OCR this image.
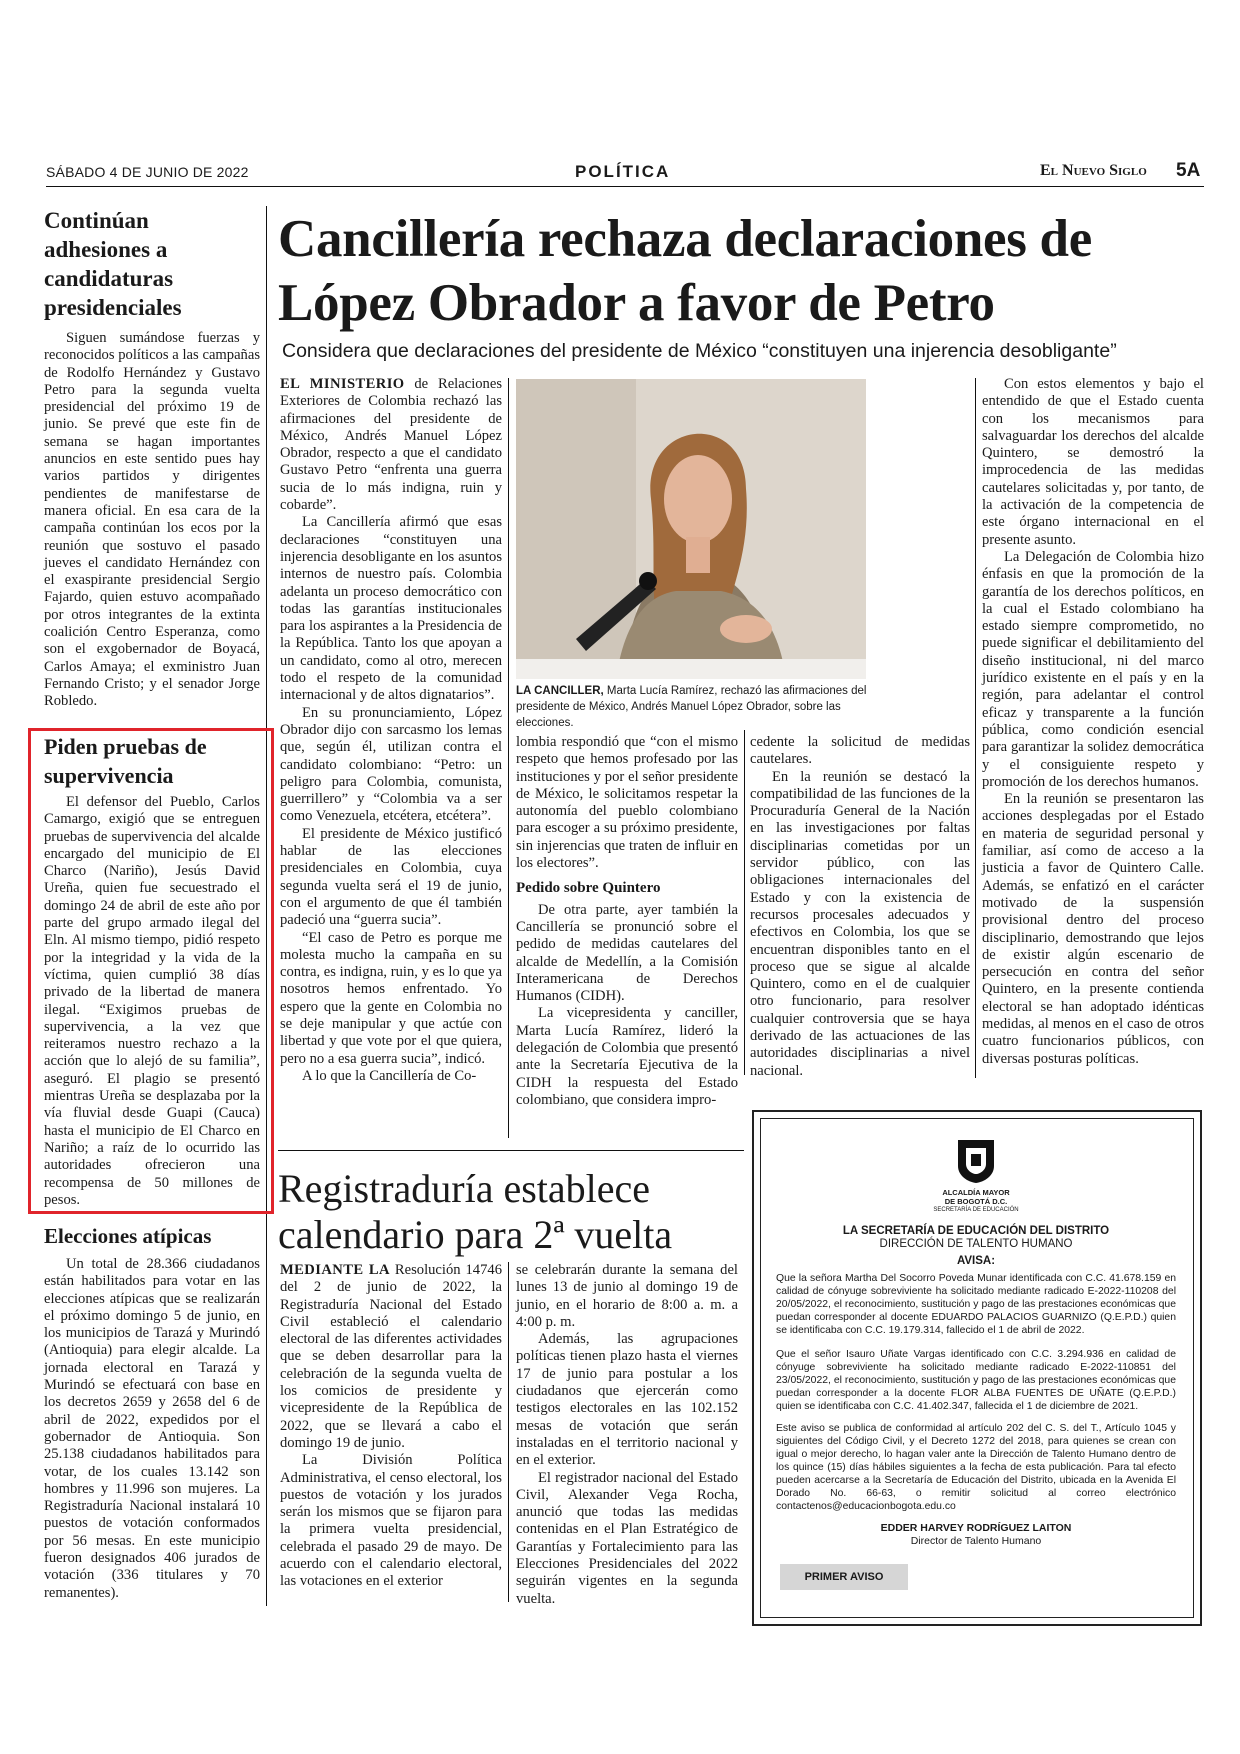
SÁBADO 4 DE JUNIO DE 2022	POLÍTICA	El Nuevo Siglo 5A
Continúan adhesiones a candidaturas presidenciales

Siguen sumándose fuerzas y reconocidos políticos a las campañas de Rodolfo Hernández y Gustavo Petro para la segunda vuelta presidencial del próximo 19 de junio. Se prevé que este fin de semana se hagan importantes anuncios en este sentido pues hay varios partidos y dirigentes pendientes de manifestarse de manera oficial. En esa cara de la campaña continúan los ecos por la reunión que sostuvo el pasado jueves el candidato Hernández con el exaspirante presidencial Sergio Fajardo, quien estuvo acompañado por otros integrantes de la extinta coalición Centro Esperanza, como son el exgobernador de Boyacá, Carlos Amaya; el exministro Juan Fernando Cristo; y el senador Jorge Robledo.

Piden pruebas de supervivencia

El defensor del Pueblo, Carlos Camargo, exigió que se entreguen pruebas de supervivencia del alcalde encargado del municipio de El Charco (Nariño), Jesús David Ureña, quien fue secuestrado el domingo 24 de abril de este año por parte del grupo armado ilegal del Eln. Al mismo tiempo, pidió respeto por la integridad y la vida de la víctima, quien cumplió 38 días privado de la libertad de manera ilegal. “Exigimos pruebas de supervivencia, a la vez que reiteramos nuestro rechazo a la acción que lo alejó de su familia”, aseguró. El plagio se presentó mientras Ureña se desplazaba por la vía fluvial desde Guapi (Cauca) hasta el municipio de El Charco en Nariño; a raíz de lo ocurrido las autoridades ofrecieron una recompensa de 50 millones de pesos.

Elecciones atípicas

Un total de 28.366 ciudadanos están habilitados para votar en las elecciones atípicas que se realizarán el próximo domingo 5 de junio, en los municipios de Tarazá y Murindó (Antioquia) para elegir alcalde. La jornada electoral en Tarazá y Murindó se efectuará con base en los decretos 2659 y 2658 del 6 de abril de 2022, expedidos por el gobernador de Antioquia. Son 25.138 ciudadanos habilitados para votar, de los cuales 13.142 son hombres y 11.996 son mujeres. La Registraduría Nacional instalará 10 puestos de votación conformados por 56 mesas. En este municipio fueron designados 406 jurados de votación (336 titulares y 70 remanentes).

Cancillería rechaza declaraciones de López Obrador a favor de Petro
Considera que declaraciones del presidente de México “constituyen una injerencia desobligante”

EL MINISTERIO de Relaciones Exteriores de Colombia rechazó las afirmaciones del presidente de México, Andrés Manuel López Obrador, respecto a que el candidato Gustavo Petro “enfrenta una guerra sucia de lo más indigna, ruin y cobarde”.

La Cancillería afirmó que esas declaraciones “constituyen una injerencia desobligante en los asuntos internos de nuestro país. Colombia adelanta un proceso democrático con todas las garantías institucionales para los aspirantes a la Presidencia de la República. Tanto los que apoyan a un candidato, como al otro, merecen todo el respeto de la comunidad internacional y de altos dignatarios”.

En su pronunciamiento, López Obrador dijo con sarcasmo los lemas que, según él, utilizan contra el candidato colombiano: “Petro: un peligro para Colombia, comunista, guerrillero” y “Colombia va a ser como Venezuela, etcétera, etcétera”.

El presidente de México justificó hablar de las elecciones presidenciales en Colombia, cuya segunda vuelta será el 19 de junio, con el argumento de que él también padeció una “guerra sucia”.

“El caso de Petro es porque me molesta mucho la campaña en su contra, es indigna, ruin, y es lo que ya nosotros hemos enfrentado. Yo espero que la gente en Colombia no se deje manipular y que actúe con libertad y que vote por el que quiera, pero no a esa guerra sucia”, indicó.

A lo que la Cancillería de Co-

LA CANCILLER, Marta Lucía Ramírez, rechazó las afirmaciones del presidente de México, Andrés Manuel López Obrador, sobre las elecciones.

lombia respondió que “con el mismo respeto que hemos profesado por las instituciones y por el señor presidente de México, le solicitamos respetar la autonomía del pueblo colombiano para escoger a su próximo presidente, sin injerencias que traten de influir en los electores”.

Pedido sobre Quintero

De otra parte, ayer también la Cancillería se pronunció sobre el pedido de medidas cautelares del alcalde de Medellín, a la Comisión Interamericana de Derechos Humanos (CIDH).

La vicepresidenta y canciller, Marta Lucía Ramírez, lideró la delegación de Colombia que presentó ante la Secretaría Ejecutiva de la CIDH la respuesta del Estado colombiano, que considera impro-

cedente la solicitud de medidas cautelares.

En la reunión se destacó la compatibilidad de las funciones de la Procuraduría General de la Nación en las investigaciones por faltas disciplinarias cometidas por un servidor público, con las obligaciones internacionales del Estado y con la existencia de recursos procesales adecuados y efectivos en Colombia, los que se encuentran disponibles tanto en el proceso que se sigue al alcalde Quintero, como en el de cualquier otro funcionario, para resolver cualquier controversia que se haya derivado de las actuaciones de las autoridades disciplinarias a nivel nacional.

Con estos elementos y bajo el entendido de que el Estado cuenta con los mecanismos para salvaguardar los derechos del alcalde Quintero, se demostró la improcedencia de las medidas cautelares solicitadas y, por tanto, de la activación de la competencia de este órgano internacional en el presente asunto.

La Delegación de Colombia hizo énfasis en que la promoción de la garantía de los derechos políticos, en la cual el Estado colombiano ha estado siempre comprometido, no puede significar el debilitamiento del diseño institucional, ni del marco jurídico existente en el país y en la región, para adelantar el control eficaz y transparente a la función pública, como condición esencial para garantizar la solidez democrática y el consiguiente respeto y promoción de los derechos humanos.

En la reunión se presentaron las acciones desplegadas por el Estado en materia de seguridad personal y familiar, así como de acceso a la justicia a favor de Quintero Calle. Además, se enfatizó en el carácter motivado de la suspensión provisional dentro del proceso disciplinario, demostrando que lejos de existir algún escenario de persecución en contra del señor Quintero, en la presente contienda electoral se han adoptado idénticas medidas, al menos en el caso de otros cuatro funcionarios públicos, con diversas posturas políticas.

Registraduría establece calendario para 2ª vuelta

MEDIANTE LA Resolución 14746 del 2 de junio de 2022, la Registraduría Nacional del Estado Civil estableció el calendario electoral de las diferentes actividades que se deben desarrollar para la celebración de la segunda vuelta de los comicios de presidente y vicepresidente de la República de 2022, que se llevará a cabo el domingo 19 de junio.

La División Política Administrativa, el censo electoral, los puestos de votación y los jurados serán los mismos que se fijaron para la primera vuelta presidencial, celebrada el pasado 29 de mayo. De acuerdo con el calendario electoral, las votaciones en el exterior

se celebrarán durante la semana del lunes 13 de junio al domingo 19 de junio, en el horario de 8:00 a. m. a 4:00 p. m.

Además, las agrupaciones políticas tienen plazo hasta el viernes 17 de junio para postular a los ciudadanos que ejercerán como testigos electorales en las 102.152 mesas de votación que serán instaladas en el territorio nacional y en el exterior.

El registrador nacional del Estado Civil, Alexander Vega Rocha, anunció que todas las medidas contenidas en el Plan Estratégico de Garantías y Fortalecimiento para las Elecciones Presidenciales del 2022 seguirán vigentes en la segunda vuelta.

ALCALDÍA MAYOR
DE BOGOTÁ D.C.
SECRETARÍA DE EDUCACIÓN
LA SECRETARÍA DE EDUCACIÓN DEL DISTRITO
DIRECCIÓN DE TALENTO HUMANO
AVISA:
Que la señora Martha Del Socorro Poveda Munar identificada con C.C. 41.678.159 en calidad de cónyuge sobreviviente ha solicitado mediante radicado E-2022-110208 del 20/05/2022, el reconocimiento, sustitución y pago de las prestaciones económicas que puedan corresponder al docente EDUARDO PALACIOS GUARNIZO (Q.E.P.D.) quien se identificaba con C.C. 19.179.314, fallecido el 1 de abril de 2022.
Que el señor Isauro Uñate Vargas identificado con C.C. 3.294.936 en calidad de cónyuge sobreviviente ha solicitado mediante radicado E-2022-110851 del 23/05/2022, el reconocimiento, sustitución y pago de las prestaciones económicas que puedan corresponder a la docente FLOR ALBA FUENTES DE UÑATE (Q.E.P.D.) quien se identificaba con C.C. 41.402.347, fallecida el 1 de diciembre de 2021.
Este aviso se publica de conformidad al artículo 202 del C. S. del T., Artículo 1045 y siguientes del Código Civil, y el Decreto 1272 del 2018, para quienes se crean con igual o mejor derecho, lo hagan valer ante la Dirección de Talento Humano dentro de los quince (15) días hábiles siguientes a la fecha de esta publicación. Para tal efecto pueden acercarse a la Secretaría de Educación del Distrito, ubicada en la Avenida El Dorado No. 66-63, o remitir solicitud al correo electrónico contactenos@educacionbogota.edu.co
EDDER HARVEY RODRÍGUEZ LAITON
Director de Talento Humano
PRIMER AVISO
